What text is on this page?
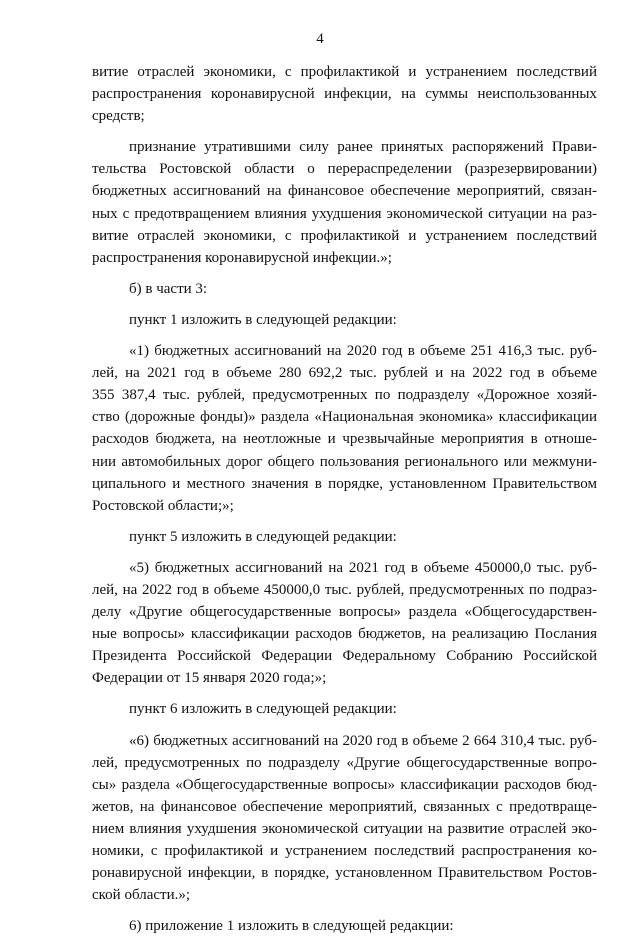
4
витие отраслей экономики, с профилактикой и устранением последствий
распространения коронавирусной инфекции, на суммы неиспользованных
средств;
признание утратившими силу ранее принятых распоряжений Прави-
тельства Ростовской области о перераспределении (разрезервировании)
бюджетных ассигнований на финансовое обеспечение мероприятий, связан-
ных с предотвращением влияния ухудшения экономической ситуации на раз-
витие отраслей экономики, с профилактикой и устранением последствий
распространения коронавирусной инфекции.»;
б) в части 3:
пункт 1 изложить в следующей редакции:
«1) бюджетных ассигнований на 2020 год в объеме 251 416,3 тыс. руб-
лей, на 2021 год в объеме 280 692,2 тыс. рублей и на 2022 год в объеме
355 387,4 тыс. рублей, предусмотренных по подразделу «Дорожное хозяй-
ство (дорожные фонды)» раздела «Национальная экономика» классификации
расходов бюджета, на неотложные и чрезвычайные мероприятия в отноше-
нии автомобильных дорог общего пользования регионального или межмуни-
ципального и местного значения в порядке, установленном Правительством
Ростовской области;»;
пункт 5 изложить в следующей редакции:
«5) бюджетных ассигнований на 2021 год в объеме 450000,0 тыс. руб-
лей, на 2022 год в объеме 450000,0 тыс. рублей, предусмотренных по подраз-
делу «Другие общегосударственные вопросы» раздела «Общегосударствен-
ные вопросы» классификации расходов бюджетов, на реализацию Послания
Президента Российской Федерации Федеральному Собранию Российской
Федерации от 15 января 2020 года;»;
пункт 6 изложить в следующей редакции:
«6) бюджетных ассигнований на 2020 год в объеме 2 664 310,4 тыс. руб-
лей, предусмотренных по подразделу «Другие общегосударственные вопро-
сы» раздела «Общегосударственные вопросы» классификации расходов бюд-
жетов, на финансовое обеспечение мероприятий, связанных с предотвраще-
нием влияния ухудшения экономической ситуации на развитие отраслей эко-
номики, с профилактикой и устранением последствий распространения ко-
ронавирусной инфекции, в порядке, установленном Правительством Ростов-
ской области.»;
6) приложение 1 изложить в следующей редакции:
